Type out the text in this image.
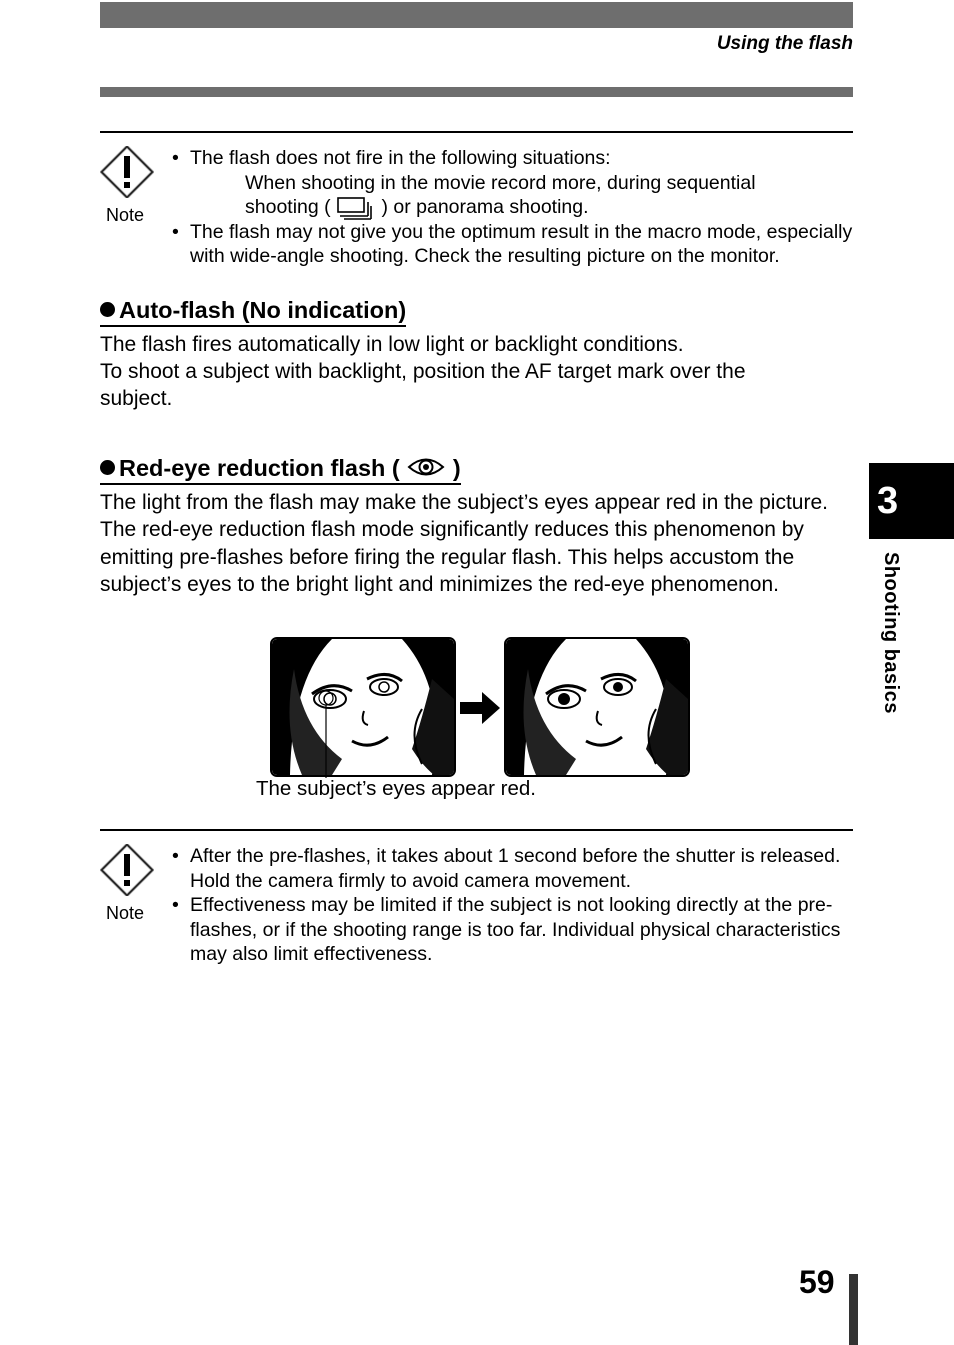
Using the flash
Note
• The flash does not fire in the following situations:
When shooting in the movie record more, during sequential
shooting (	) or panorama shooting.
• The flash may not give you the optimum result in the macro mode, especially with wide-angle shooting. Check the resulting picture on the monitor.
Auto-flash (No indication)
The flash fires automatically in low light or backlight conditions.
To shoot a subject with backlight, position the AF target mark over the subject.
Red-eye reduction flash ( )
The light from the flash may make the subject’s eyes appear red in the picture. The red-eye reduction flash mode significantly reduces this phenomenon by emitting pre-flashes before firing the regular flash. This helps accustom the subject’s eyes to the bright light and minimizes the red-eye phenomenon.
The subject’s eyes appear red.
Note
• After the pre-flashes, it takes about 1 second before the shutter is released. Hold the camera firmly to avoid camera movement.
• Effectiveness may be limited if the subject is not looking directly at the pre-flashes, or if the shooting range is too far. Individual physical characteristics may also limit effectiveness.
3
Shooting basics
59
